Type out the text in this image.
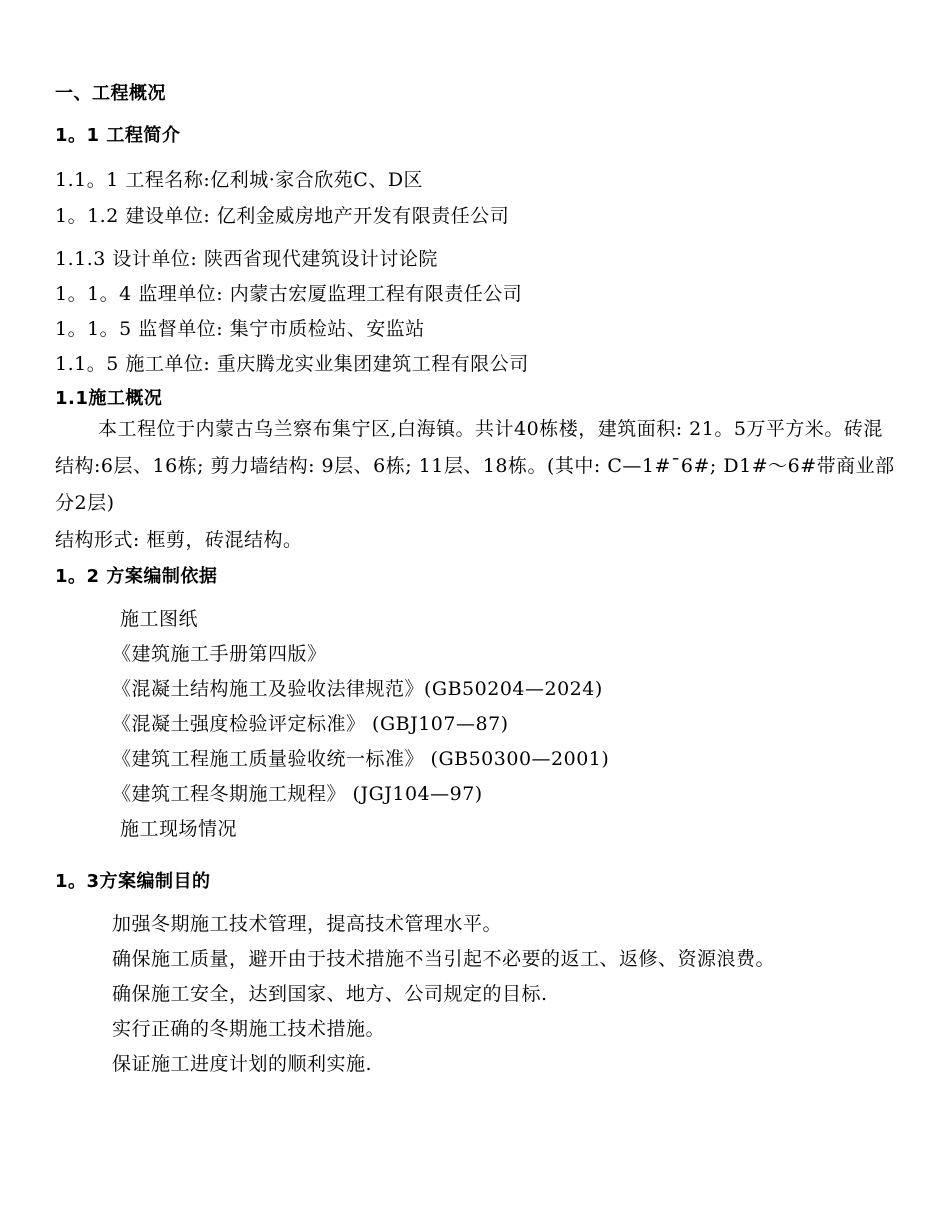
一、工程概况
1。1 工程简介
1.1。1 工程名称:亿利城·家合欣苑C、D区
1。1.2 建设单位: 亿利金威房地产开发有限责任公司
1.1.3 设计单位: 陕西省现代建筑设计讨论院
1。1。4 监理单位: 内蒙古宏厦监理工程有限责任公司
1。1。5 监督单位: 集宁市质检站、安监站
1.1。5 施工单位: 重庆腾龙实业集团建筑工程有限公司
1.1施工概况
本工程位于内蒙古乌兰察布集宁区,白海镇。共计40栋楼，建筑面积: 21。5万平方米。砖混结构:6层、16栋; 剪力墙结构: 9层、6栋; 11层、18栋。(其中: C—1#¯6#; D1#～6#带商业部分2层)
结构形式: 框剪，砖混结构。
1。2 方案编制依据
施工图纸
《建筑施工手册第四版》
《混凝土结构施工及验收法律规范》(GB50204—2024)
《混凝土强度检验评定标准》 (GBJ107—87)
《建筑工程施工质量验收统一标准》 (GB50300—2001)
《建筑工程冬期施工规程》 (JGJ104—97)
施工现场情况
1。3方案编制目的
加强冬期施工技术管理，提高技术管理水平。
确保施工质量，避开由于技术措施不当引起不必要的返工、返修、资源浪费。
确保施工安全，达到国家、地方、公司规定的目标.
实行正确的冬期施工技术措施。
保证施工进度计划的顺利实施.
